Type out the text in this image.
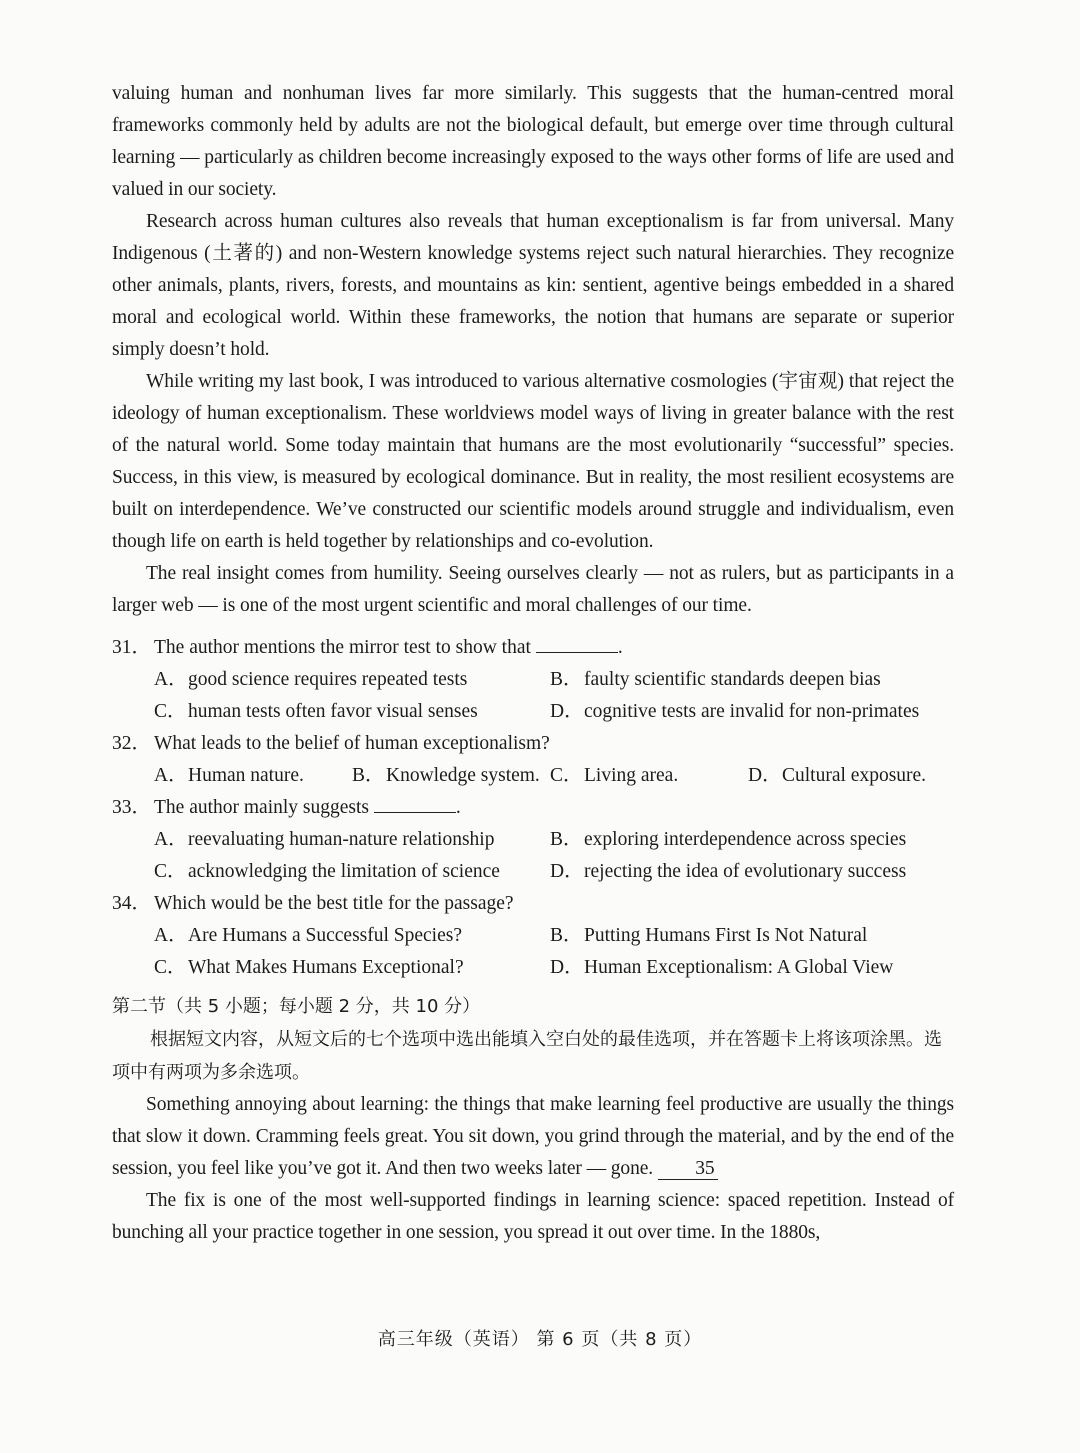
valuing human and nonhuman lives far more similarly. This suggests that the human-centred moral frameworks commonly held by adults are not the biological default, but emerge over time through cultural learning — particularly as children become increasingly exposed to the ways other forms of life are used and valued in our society.

Research across human cultures also reveals that human exceptionalism is far from universal. Many Indigenous (土著的) and non-Western knowledge systems reject such natural hierarchies. They recognize other animals, plants, rivers, forests, and mountains as kin: sentient, agentive beings embedded in a shared moral and ecological world. Within these frameworks, the notion that humans are separate or superior simply doesn’t hold.

While writing my last book, I was introduced to various alternative cosmologies (宇宙观) that reject the ideology of human exceptionalism. These worldviews model ways of living in greater balance with the rest of the natural world. Some today maintain that humans are the most evolutionarily “successful” species. Success, in this view, is measured by ecological dominance. But in reality, the most resilient ecosystems are built on interdependence. We’ve constructed our scientific models around struggle and individualism, even though life on earth is held together by relationships and co-evolution.

The real insight comes from humility. Seeing ourselves clearly — not as rulers, but as participants in a larger web — is one of the most urgent scientific and moral challenges of our time.

31． The author mentions the mirror test to show that	.
A．good science requires repeated tests	B．faulty scientific standards deepen bias
C．human tests often favor visual senses	D．cognitive tests are invalid for non-primates
32． What leads to the belief of human exceptionalism?
A．Human nature. B．Knowledge system. C．Living area.	D．Cultural exposure.
33． The author mainly suggests	.
A．reevaluating human-nature relationship	B．exploring interdependence across species
C．acknowledging the limitation of science	D．rejecting the idea of evolutionary success
34． Which would be the best title for the passage?
A．Are Humans a Successful Species?	B．Putting Humans First Is Not Natural
C．What Makes Humans Exceptional?	D．Human Exceptionalism: A Global View
第二节（共 5 小题；每小题 2 分，共 10 分）
根据短文内容，从短文后的七个选项中选出能填入空白处的最佳选项，并在答题卡上将该项涂黑。选项中有两项为多余选项。

Something annoying about learning: the things that make learning feel productive are usually the things that slow it down. Cramming feels great. You sit down, you grind through the material, and by the end of the session, you feel like you’ve got it. And then two weeks later — gone. 35

The fix is one of the most well-supported findings in learning science: spaced repetition. Instead of bunching all your practice together in one session, you spread it out over time. In the 1880s,

高三年级（英语） 第 6 页（共 8 页）
